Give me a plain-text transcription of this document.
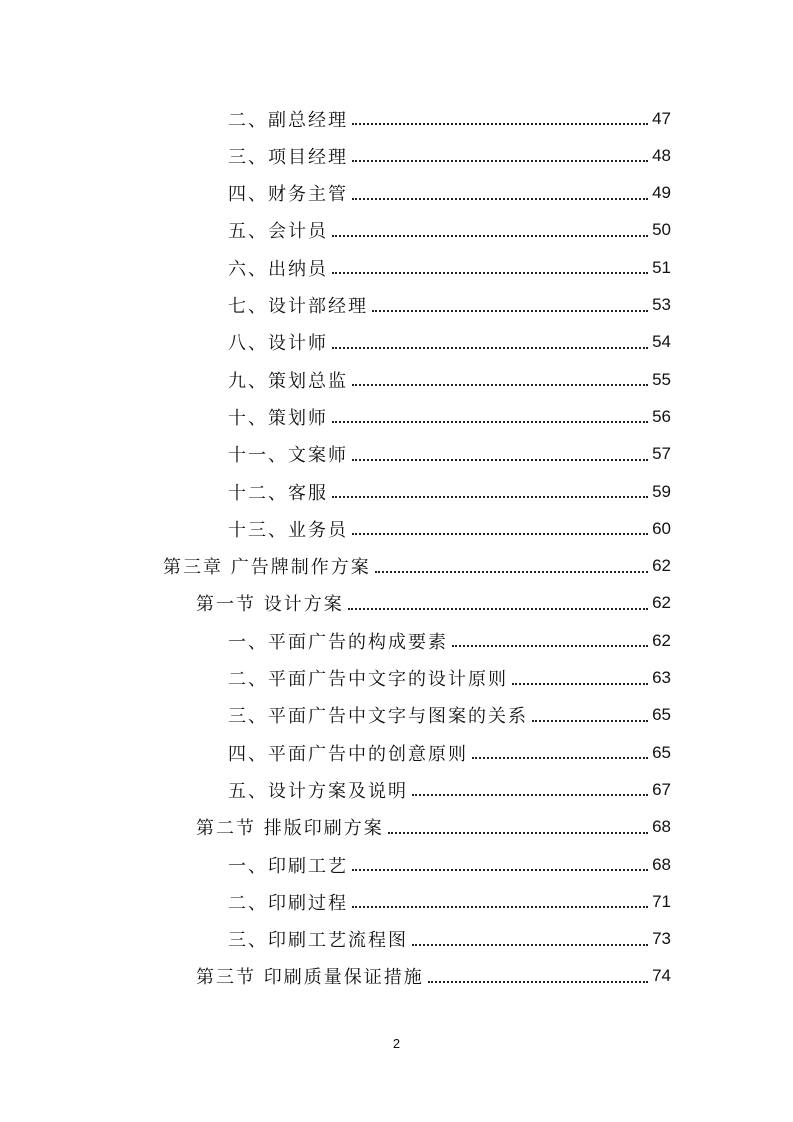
二、副总经理	47
三、项目经理	48
四、财务主管	49
五、会计员	50
六、出纳员	51
七、设计部经理	53
八、设计师	54
九、策划总监	55
十、策划师	56
十一、文案师	57
十二、客服	59
十三、业务员	60
第三章 广告牌制作方案	62
第一节 设计方案	62
一、平面广告的构成要素	62
二、平面广告中文字的设计原则	63
三、平面广告中文字与图案的关系	65
四、平面广告中的创意原则	65
五、设计方案及说明	67
第二节 排版印刷方案	68
一、印刷工艺	68
二、印刷过程	71
三、印刷工艺流程图	73
第三节 印刷质量保证措施	74
2
